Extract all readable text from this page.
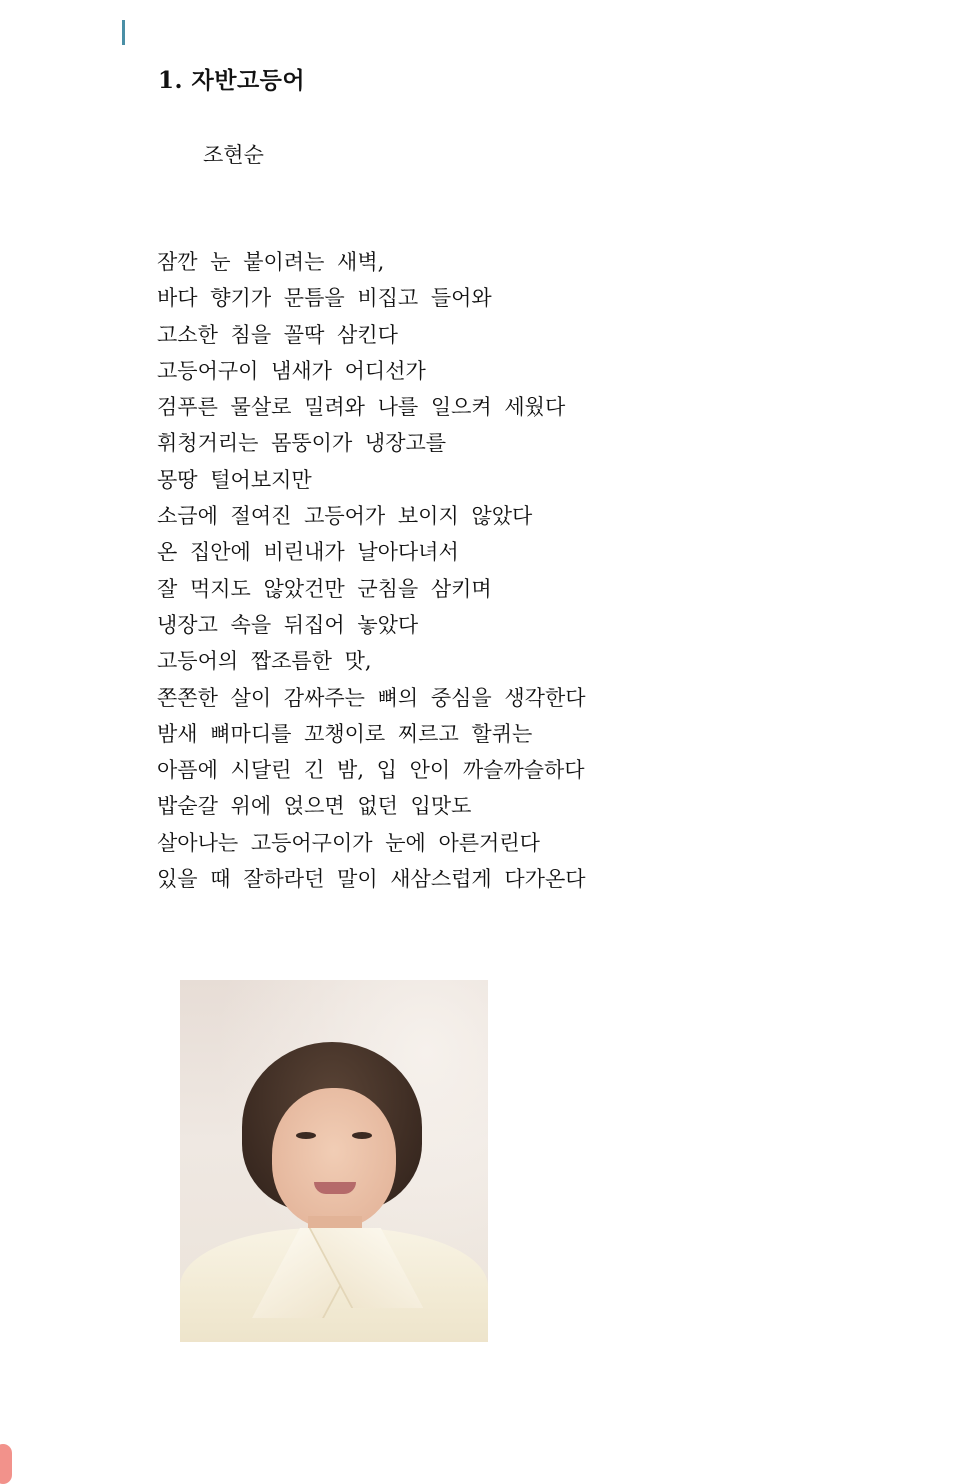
1. 자반고등어
조현순
잠깐 눈 붙이려는 새벽,
바다 향기가 문틈을 비집고 들어와
고소한 침을 꼴딱 삼킨다
고등어구이 냄새가 어디선가
검푸른 물살로 밀려와 나를 일으켜 세웠다
휘청거리는 몸뚱이가 냉장고를
몽땅 털어보지만
소금에 절여진 고등어가 보이지 않았다
온 집안에 비린내가 날아다녀서
잘 먹지도 않았건만 군침을 삼키며
냉장고 속을 뒤집어 놓았다
고등어의 짭조름한 맛,
쫀쫀한 살이 감싸주는 뼈의 중심을 생각한다
밤새 뼈마디를 꼬챙이로 찌르고 할퀴는
아픔에 시달린 긴 밤, 입 안이 까슬까슬하다
밥숟갈 위에 얹으면 없던 입맛도
살아나는 고등어구이가 눈에 아른거린다
있을 때 잘하라던 말이 새삼스럽게 다가온다
